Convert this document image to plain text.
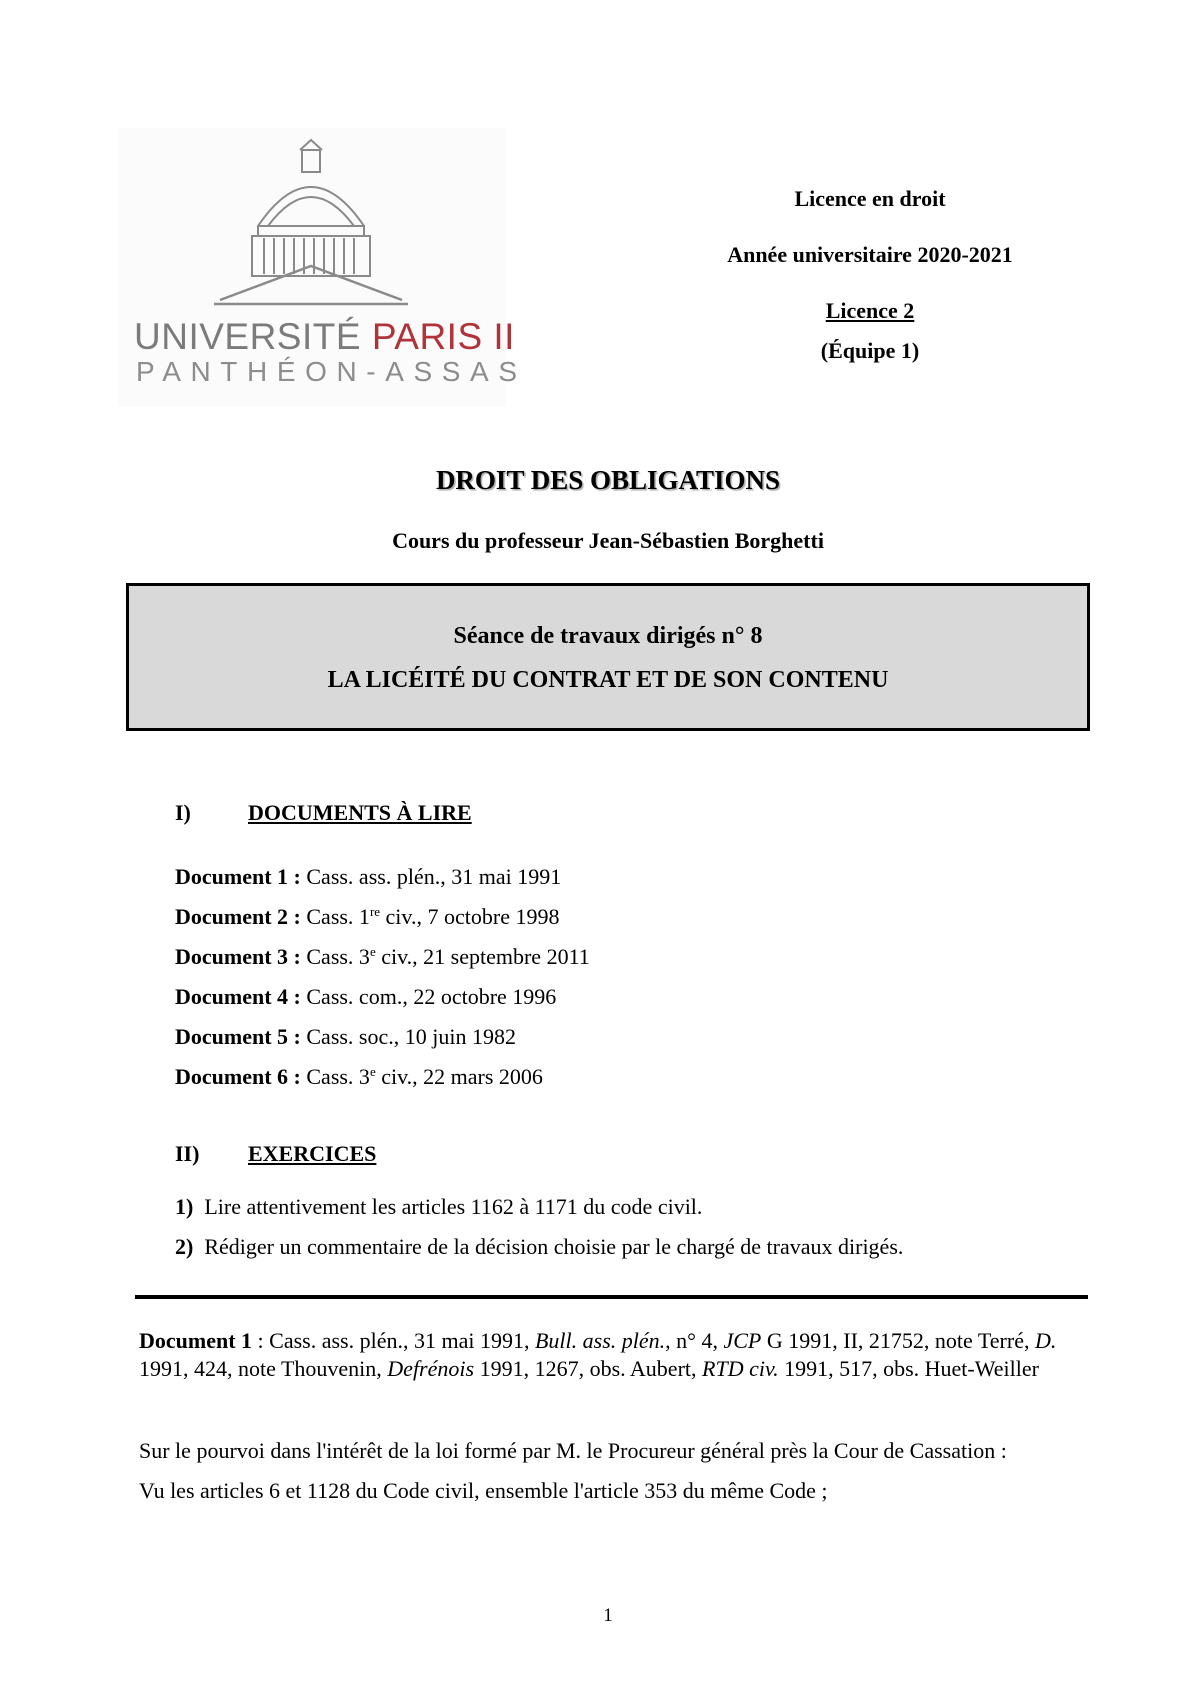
UNIVERSITÉ PARIS II
PANTHÉON-ASSAS
Licence en droit
Année universitaire 2020-2021
Licence 2
(Équipe 1)
DROIT DES OBLIGATIONS
Cours du professeur Jean-Sébastien Borghetti
Séance de travaux dirigés n° 8
LA LICÉITÉ DU CONTRAT ET DE SON CONTENU
I)	DOCUMENTS À LIRE
Document 1 : Cass. ass. plén., 31 mai 1991
Document 2 : Cass. 1re civ., 7 octobre 1998
Document 3 : Cass. 3e civ., 21 septembre 2011
Document 4 : Cass. com., 22 octobre 1996
Document 5 : Cass. soc., 10 juin 1982
Document 6 : Cass. 3e civ., 22 mars 2006
II) EXERCICES
1) Lire attentivement les articles 1162 à 1171 du code civil.
2) Rédiger un commentaire de la décision choisie par le chargé de travaux dirigés.
Document 1 : Cass. ass. plén., 31 mai 1991, Bull. ass. plén., n° 4, JCP G 1991, II, 21752, note Terré, D. 1991, 424, note Thouvenin, Defrénois 1991, 1267, obs. Aubert, RTD civ. 1991, 517, obs. Huet-Weiller
Sur le pourvoi dans l'intérêt de la loi formé par M. le Procureur général près la Cour de Cassation :
Vu les articles 6 et 1128 du Code civil, ensemble l'article 353 du même Code ;
1
